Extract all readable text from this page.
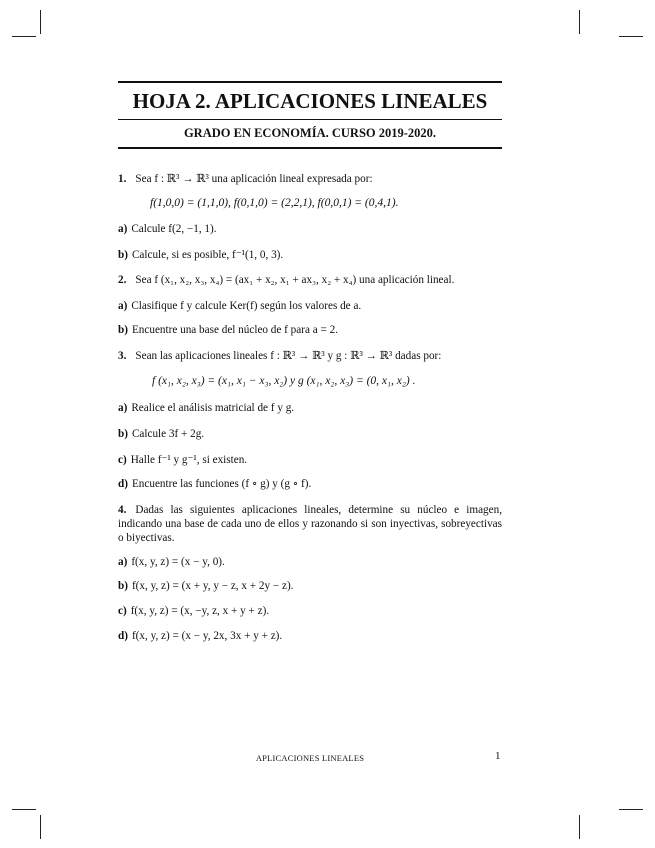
HOJA 2. APLICACIONES LINEALES
GRADO EN ECONOMÍA. CURSO 2019-2020.
1. Sea f : ℝ³ → ℝ³ una aplicación lineal expresada por:
f(1,0,0) = (1,1,0), f(0,1,0) = (2,2,1), f(0,0,1) = (0,4,1).
a) Calcule f(2, −1, 1).
b) Calcule, si es posible, f⁻¹(1, 0, 3).
2. Sea f (x₁, x₂, x₃, x₄) = (ax₁ + x₂, x₁ + ax₃, x₂ + x₄) una aplicación lineal.
a) Clasifique f y calcule Ker(f) según los valores de a.
b) Encuentre una base del núcleo de f para a = 2.
3. Sean las aplicaciones lineales f : ℝ³ → ℝ³ y g : ℝ³ → ℝ³ dadas por:
f (x₁, x₂, x₃) = (x₁, x₁ − x₃, x₂) y g (x₁, x₂, x₃) = (0, x₁, x₂) .
a) Realice el análisis matricial de f y g.
b) Calcule 3f + 2g.
c) Halle f⁻¹ y g⁻¹, si existen.
d) Encuentre las funciones (f ∘ g) y (g ∘ f).
4. Dadas las siguientes aplicaciones lineales, determine su núcleo e imagen, indicando una base de cada uno de ellos y razonando si son inyectivas, sobreyectivas o biyectivas.
a) f(x, y, z) = (x − y, 0).
b) f(x, y, z) = (x + y, y − z, x + 2y − z).
c) f(x, y, z) = (x, −y, z, x + y + z).
d) f(x, y, z) = (x − y, 2x, 3x + y + z).
APLICACIONES LINEALES	1
